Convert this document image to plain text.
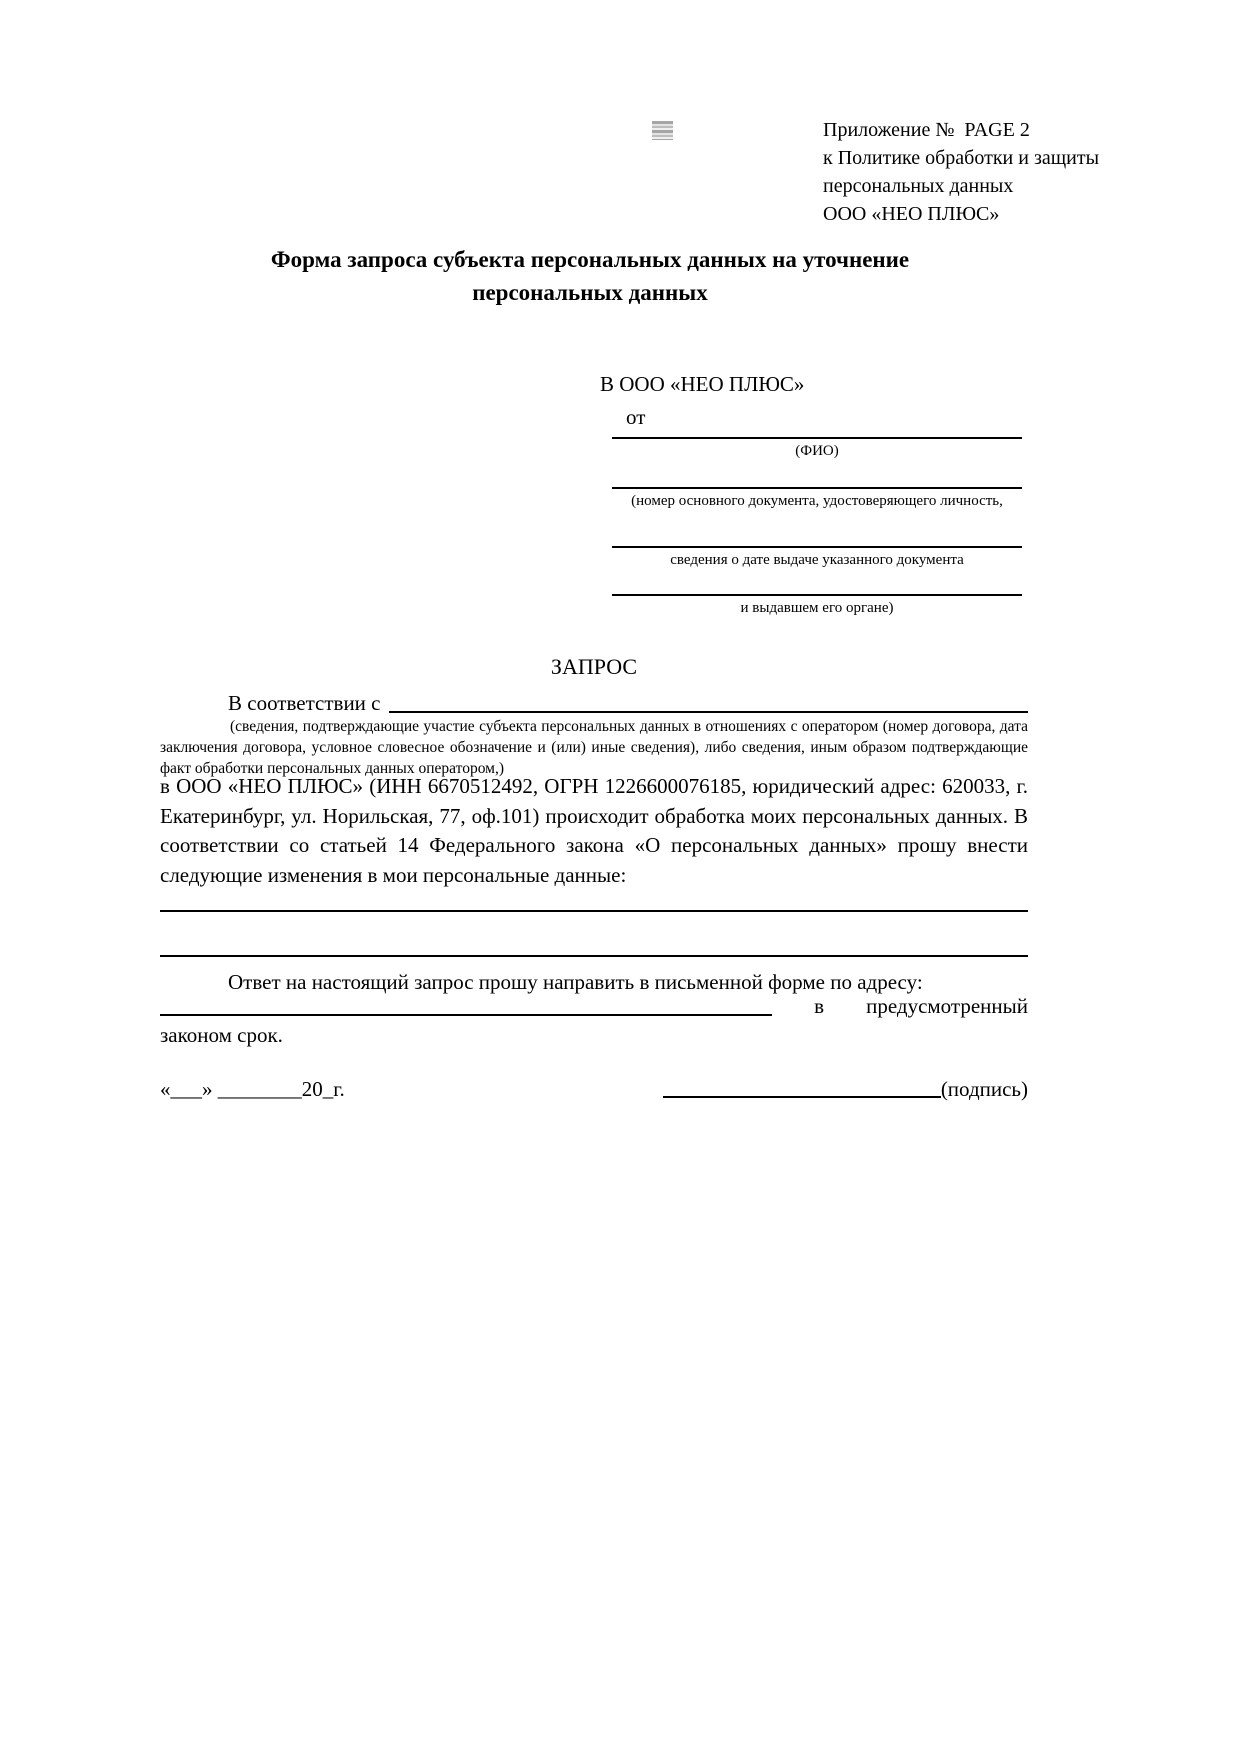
Приложение №  PAGE 2
к Политике обработки и защиты
персональных данных
ООО «НЕО ПЛЮС»
Форма запроса субъекта персональных данных на уточнение
персональных данных
В ООО «НЕО ПЛЮС»
от
(ФИО)
(номер основного документа, удостоверяющего личность,
сведения о дате выдаче указанного документа
и выдавшем его органе)
ЗАПРОС
В соответствии с
(сведения, подтверждающие участие субъекта персональных данных в отношениях с оператором (номер договора, дата заключения договора, условное словесное обозначение и (или) иные сведения), либо сведения, иным образом подтверждающие факт обработки персональных данных оператором,)
в ООО «НЕО ПЛЮС» (ИНН 6670512492, ОГРН 1226600076185, юридический адрес: 620033, г. Екатеринбург, ул. Норильская, 77, оф.101) происходит обработка моих персональных данных. В соответствии со статьей 14 Федерального закона «О персональных данных» прошу внести следующие изменения в мои персональные данные:
Ответ на настоящий запрос прошу направить в письменной форме по адресу:
в предусмотренный
законом срок.
«___» ________20_г.	(подпись)
